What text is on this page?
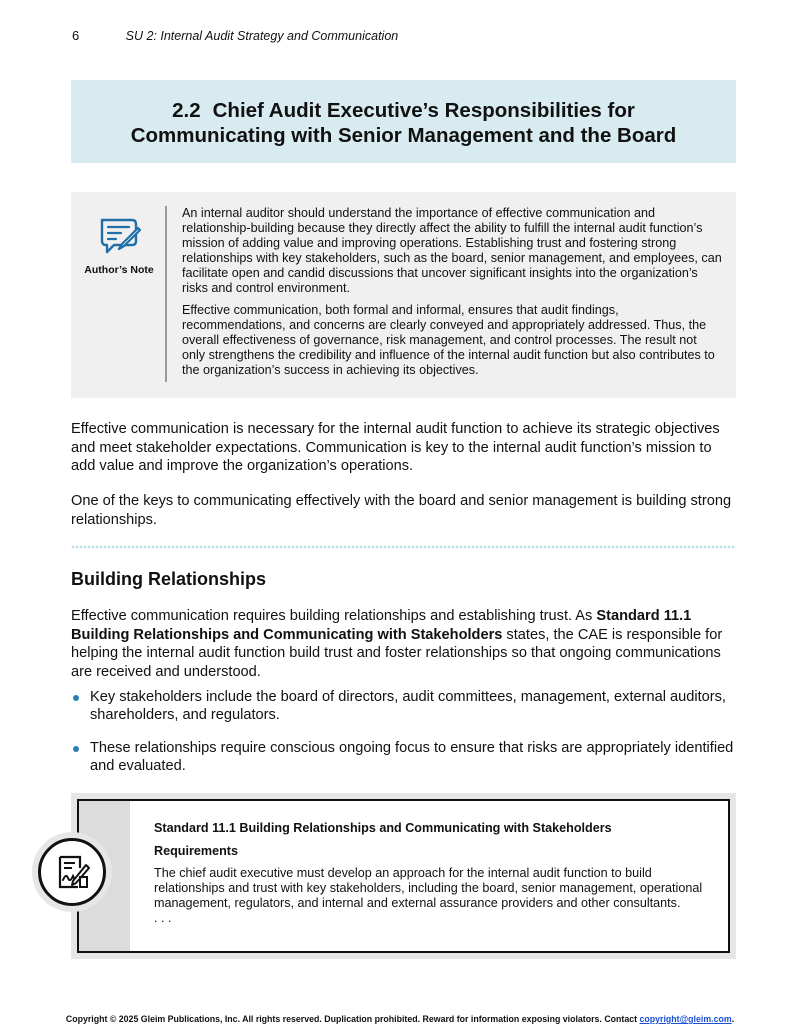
6	SU 2: Internal Audit Strategy and Communication
2.2 Chief Audit Executive’s Responsibilities for
Communicating with Senior Management and the Board
Author’s Note

An internal auditor should understand the importance of effective communication and relationship-building because they directly affect the ability to fulfill the internal audit function’s mission of adding value and improving operations. Establishing trust and fostering strong relationships with key stakeholders, such as the board, senior management, and employees, can facilitate open and candid discussions that uncover significant insights into the organization’s risks and control environment.

Effective communication, both formal and informal, ensures that audit findings, recommendations, and concerns are clearly conveyed and appropriately addressed. Thus, the overall effectiveness of governance, risk management, and control processes. The result not only strengthens the credibility and influence of the internal audit function but also contributes to the organization’s success in achieving its objectives.

Effective communication is necessary for the internal audit function to achieve its strategic objectives and meet stakeholder expectations. Communication is key to the internal audit function’s mission to add value and improve the organization’s operations.

One of the keys to communicating effectively with the board and senior management is building strong relationships.

Building Relationships

Effective communication requires building relationships and establishing trust. As Standard 11.1 Building Relationships and Communicating with Stakeholders states, the CAE is responsible for helping the internal audit function build trust and foster relationships so that ongoing communications are received and understood.

Key stakeholders include the board of directors, audit committees, management, external auditors, shareholders, and regulators.
These relationships require conscious ongoing focus to ensure that risks are appropriately identified and evaluated.

Standard 11.1 Building Relationships and Communicating with Stakeholders

Requirements

The chief audit executive must develop an approach for the internal audit function to build relationships and trust with key stakeholders, including the board, senior management, operational management, regulators, and internal and external assurance providers and other consultants.

. . .

Copyright © 2025 Gleim Publications, Inc. All rights reserved. Duplication prohibited. Reward for information exposing violators. Contact copyright@gleim.com.
